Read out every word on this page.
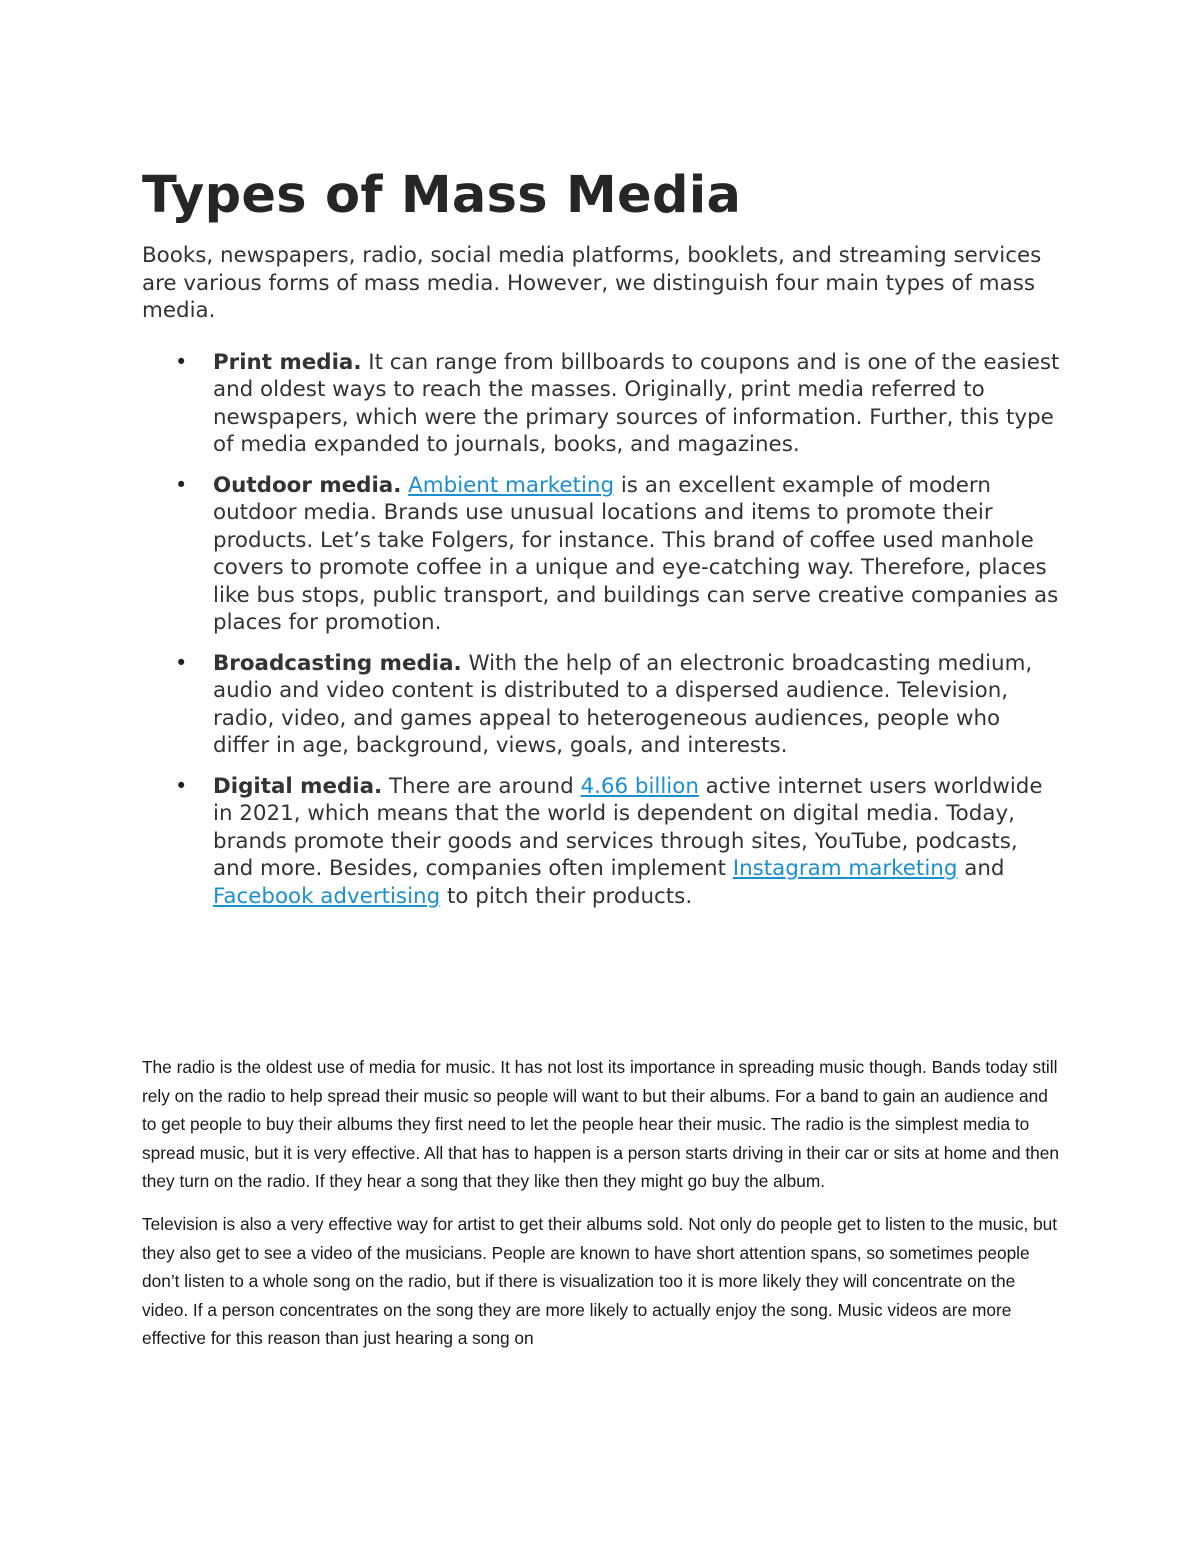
Types of Mass Media

Books, newspapers, radio, social media platforms, booklets, and streaming services are various forms of mass media. However, we distinguish four main types of mass media.

• Print media. It can range from billboards to coupons and is one of the easiest and oldest ways to reach the masses. Originally, print media referred to newspapers, which were the primary sources of information. Further, this type of media expanded to journals, books, and magazines.
• Outdoor media. Ambient marketing is an excellent example of modern outdoor media. Brands use unusual locations and items to promote their products. Let’s take Folgers, for instance. This brand of coffee used manhole covers to promote coffee in a unique and eye-catching way. Therefore, places like bus stops, public transport, and buildings can serve creative companies as places for promotion.
• Broadcasting media. With the help of an electronic broadcasting medium, audio and video content is distributed to a dispersed audience. Television, radio, video, and games appeal to heterogeneous audiences, people who differ in age, background, views, goals, and interests.
• Digital media. There are around 4.66 billion active internet users worldwide in 2021, which means that the world is dependent on digital media. Today, brands promote their goods and services through sites, YouTube, podcasts, and more. Besides, companies often implement Instagram marketing and Facebook advertising to pitch their products.

The radio is the oldest use of media for music. It has not lost its importance in spreading music though. Bands today still rely on the radio to help spread their music so people will want to but their albums. For a band to gain an audience and to get people to buy their albums they first need to let the people hear their music. The radio is the simplest media to spread music, but it is very effective. All that has to happen is a person starts driving in their car or sits at home and then they turn on the radio. If they hear a song that they like then they might go buy the album.

Television is also a very effective way for artist to get their albums sold. Not only do people get to listen to the music, but they also get to see a video of the musicians. People are known to have short attention spans, so sometimes people don’t listen to a whole song on the radio, but if there is visualization too it is more likely they will concentrate on the video. If a person concentrates on the song they are more likely to actually enjoy the song. Music videos are more effective for this reason than just hearing a song on
